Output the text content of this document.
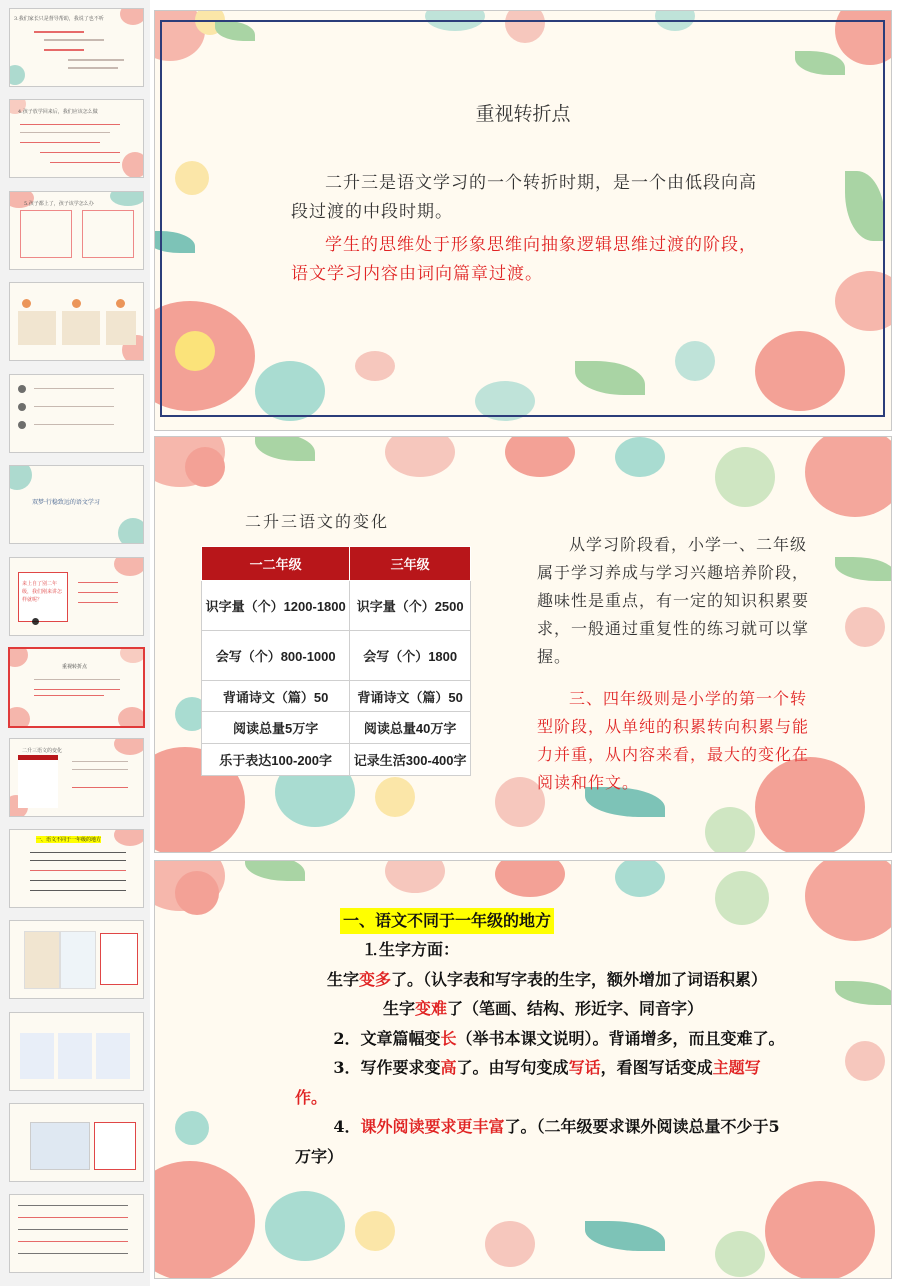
3.我们家长只是督导帮助，我说了也不听
4.孩子放学回来后，我们应该怎么做
5.孩子都上了，孩子该学怎么办
双梦·行稳致远的语文学习
来上自了别二年级，我们刚来讲怎样就呢？
重视转折点
二升三语文的变化
一、语文不同于一年级的地方
重视转折点
二升三是语文学习的一个转折时期，是一个由低段向高段过渡的中段时期。
学生的思维处于形象思维向抽象逻辑思维过渡的阶段，语文学习内容由词向篇章过渡。
二升三语文的变化
一二年级	三年级
识字量（个）1200-1800	识字量（个）2500
会写（个）800-1000	会写（个）1800
背诵诗文（篇）50	背诵诗文（篇）50
阅读总量5万字	阅读总量40万字
乐于表达100-200字	记录生活300-400字
从学习阶段看，小学一、二年级属于学习养成与学习兴趣培养阶段，趣味性是重点，有一定的知识积累要求，一般通过重复性的练习就可以掌握。
三、四年级则是小学的第一个转型阶段，从单纯的积累转向积累与能力并重，从内容来看，最大的变化在阅读和作文。
一、语文不同于一年级的地方

⒈生字方面：

生字变多了。（认字表和写字表的生字，额外增加了词语积累）

生字变难了（笔画、结构、形近字、同音字）

2．文章篇幅变长（举书本课文说明）。背诵增多，而且变难了。

3．写作要求变高了。由写句变成写话，看图写话变成主题写作。

4．课外阅读要求更丰富了。（二年级要求课外阅读总量不少于5万字）
